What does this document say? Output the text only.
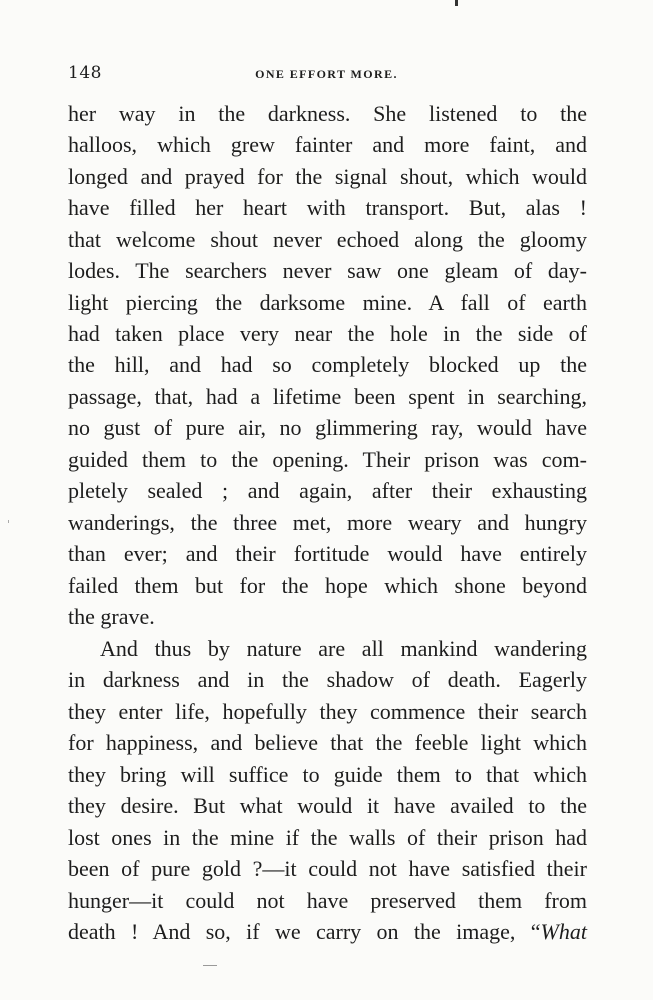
148	ONE EFFORT MORE.
her way in the darkness. She listened to the
halloos, which grew fainter and more faint, and
longed and prayed for the signal shout, which would
have filled her heart with transport. But, alas !
that welcome shout never echoed along the gloomy
lodes. The searchers never saw one gleam of day-
light piercing the darksome mine. A fall of earth
had taken place very near the hole in the side of
the hill, and had so completely blocked up the
passage, that, had a lifetime been spent in searching,
no gust of pure air, no glimmering ray, would have
guided them to the opening. Their prison was com-
pletely sealed ; and again, after their exhausting
wanderings, the three met, more weary and hungry
than ever; and their fortitude would have entirely
failed them but for the hope which shone beyond
the grave.
And thus by nature are all mankind wandering
in darkness and in the shadow of death. Eagerly
they enter life, hopefully they commence their search
for happiness, and believe that the feeble light which
they bring will suffice to guide them to that which
they desire. But what would it have availed to the
lost ones in the mine if the walls of their prison had
been of pure gold ?—it could not have satisfied their
hunger—it could not have preserved them from
death ! And so, if we carry on the image, “What
